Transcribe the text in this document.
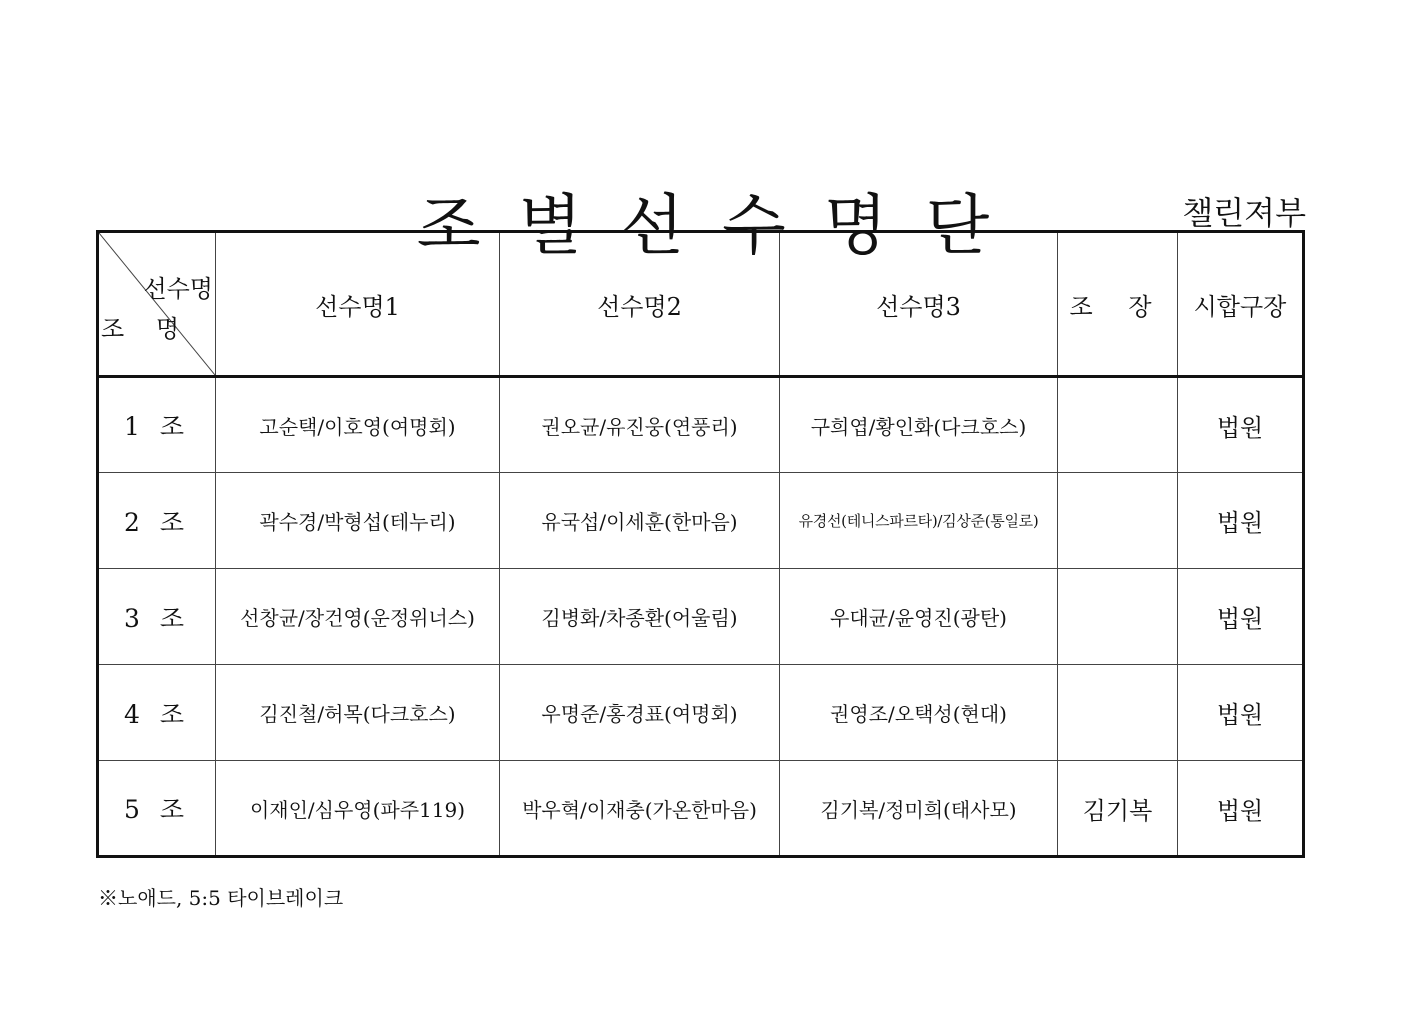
조별선수명단	챌린져부
선수명
조 명	선수명1	선수명2	선수명3	조 장	시합구장
1 조	고순택/이호영(여명회)	권오균/유진웅(연풍리)	구희엽/황인화(다크호스)		법원
2 조	곽수경/박형섭(테누리)	유국섭/이세훈(한마음)	유경선(테니스파르타)/김상준(통일로)		법원
3 조	선창균/장건영(운정위너스)	김병화/차종환(어울림)	우대균/윤영진(광탄)		법원
4 조	김진철/허목(다크호스)	우명준/홍경표(여명회)	권영조/오택성(현대)		법원
5 조	이재인/심우영(파주119)	박우혁/이재충(가온한마음)	김기복/정미희(태사모)	김기복	법원
※노애드, 5:5 타이브레이크
